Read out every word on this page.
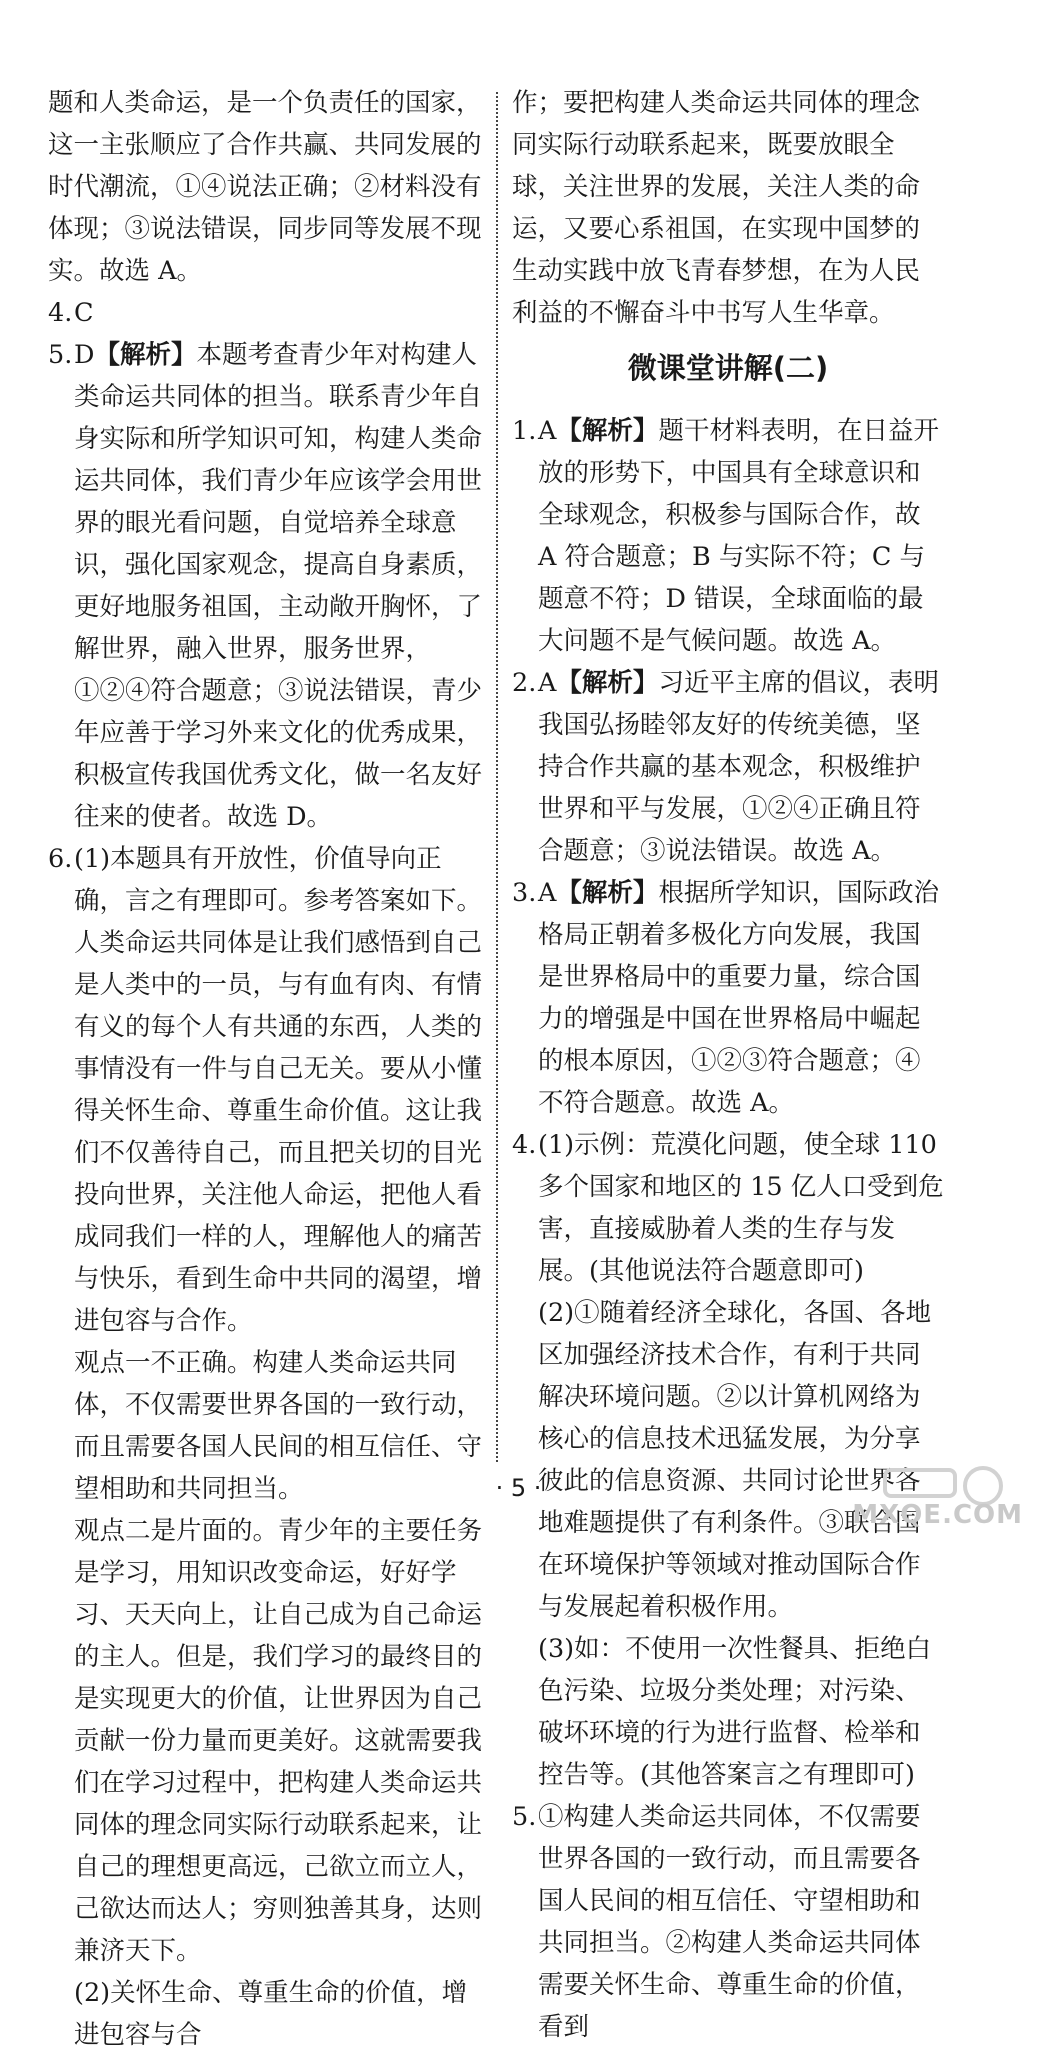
题和人类命运，是一个负责任的国家，这一主张顺应了合作共赢、共同发展的时代潮流，①④说法正确；②材料没有体现；③说法错误，同步同等发展不现实。故选 A。

4. C
5. D【解析】本题考查青少年对构建人类命运共同体的担当。联系青少年自身实际和所学知识可知，构建人类命运共同体，我们青少年应该学会用世界的眼光看问题，自觉培养全球意识，强化国家观念，提高自身素质，更好地服务祖国，主动敞开胸怀，了解世界，融入世界，服务世界，①②④符合题意；③说法错误，青少年应善于学习外来文化的优秀成果，积极宣传我国优秀文化，做一名友好往来的使者。故选 D。
6. (1)本题具有开放性，价值导向正确，言之有理即可。参考答案如下。

人类命运共同体是让我们感悟到自己是人类中的一员，与有血有肉、有情有义的每个人有共通的东西，人类的事情没有一件与自己无关。要从小懂得关怀生命、尊重生命价值。这让我们不仅善待自己，而且把关切的目光投向世界，关注他人命运，把他人看成同我们一样的人，理解他人的痛苦与快乐，看到生命中共同的渴望，增进包容与合作。

观点一不正确。构建人类命运共同体，不仅需要世界各国的一致行动，而且需要各国人民间的相互信任、守望相助和共同担当。

观点二是片面的。青少年的主要任务是学习，用知识改变命运，好好学习、天天向上，让自己成为自己命运的主人。但是，我们学习的最终目的是实现更大的价值，让世界因为自己贡献一份力量而更美好。这就需要我们在学习过程中，把构建人类命运共同体的理念同实际行动联系起来，让自己的理想更高远，己欲立而立人，己欲达而达人；穷则独善其身，达则兼济天下。

(2)关怀生命、尊重生命的价值，增进包容与合

作；要把构建人类命运共同体的理念同实际行动联系起来，既要放眼全球，关注世界的发展，关注人类的命运，又要心系祖国，在实现中国梦的生动实践中放飞青春梦想，在为人民利益的不懈奋斗中书写人生华章。

微课堂讲解(二)
1. A【解析】题干材料表明，在日益开放的形势下，中国具有全球意识和全球观念，积极参与国际合作，故 A 符合题意；B 与实际不符；C 与题意不符；D 错误，全球面临的最大问题不是气候问题。故选 A。
2. A【解析】习近平主席的倡议，表明我国弘扬睦邻友好的传统美德，坚持合作共赢的基本观念，积极维护世界和平与发展，①②④正确且符合题意；③说法错误。故选 A。
3. A【解析】根据所学知识，国际政治格局正朝着多极化方向发展，我国是世界格局中的重要力量，综合国力的增强是中国在世界格局中崛起的根本原因，①②③符合题意；④不符合题意。故选 A。
4. (1)示例：荒漠化问题，使全球 110 多个国家和地区的 15 亿人口受到危害，直接威胁着人类的生存与发展。(其他说法符合题意即可)

(2)①随着经济全球化，各国、各地区加强经济技术合作，有利于共同解决环境问题。②以计算机网络为核心的信息技术迅猛发展，为分享彼此的信息资源、共同讨论世界各地难题提供了有利条件。③联合国在环境保护等领域对推动国际合作与发展起着积极作用。

(3)如：不使用一次性餐具、拒绝白色污染、垃圾分类处理；对污染、破坏环境的行为进行监督、检举和控告等。(其他答案言之有理即可)

5. ①构建人类命运共同体，不仅需要世界各国的一致行动，而且需要各国人民间的相互信任、守望相助和共同担当。②构建人类命运共同体需要关怀生命、尊重生命的价值，看到
· 5 ·
MXQE.COM
